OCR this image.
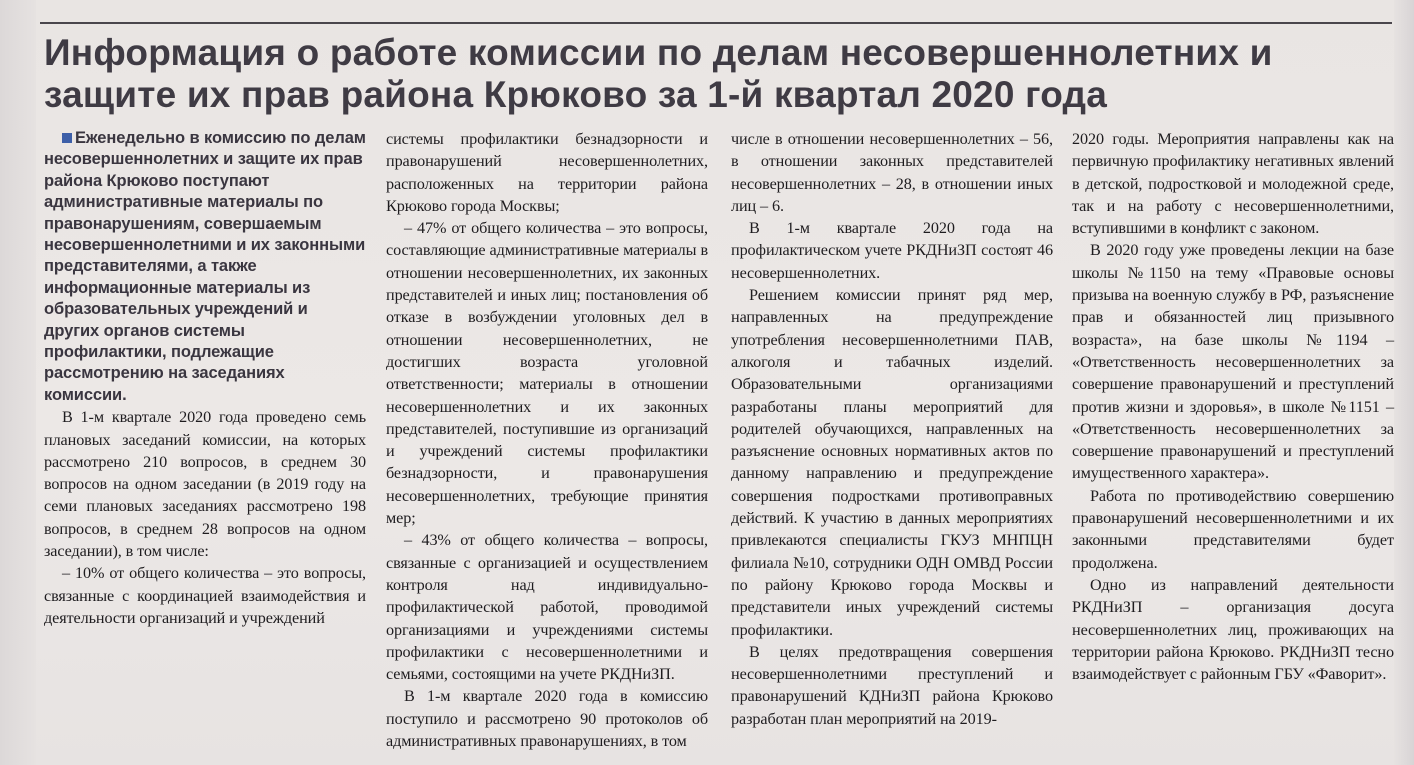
Информация о работе комиссии по делам несовершеннолетних и защите их прав района Крюково за 1-й квартал 2020 года

Еженедельно в комиссию по делам несовершеннолетних и защите их прав района Крюково поступают административные материалы по правонарушениям, совершаемым несовершеннолетними и их законными представителями, а также информационные материалы из образовательных учреждений и других органов системы профилактики, подлежащие рассмотрению на заседаниях комиссии.

В 1-м квартале 2020 года проведено семь плановых заседаний комиссии, на которых рассмотрено 210 вопросов, в среднем 30 вопросов на одном заседании (в 2019 году на семи плановых заседаниях рассмотрено 198 вопросов, в среднем 28 вопросов на одном заседании), в том числе:

– 10% от общего количества – это вопросы, связанные с координацией взаимодействия и деятельности организаций и учреждений

системы профилактики безнадзорности и правонарушений несовершеннолетних, расположенных на территории района Крюково города Москвы;

– 47% от общего количества – это вопросы, составляющие административные материалы в отношении несовершеннолетних, их законных представителей и иных лиц; постановления об отказе в возбуждении уголовных дел в отношении несовершеннолетних, не достигших возраста уголовной ответственности; материалы в отношении несовершеннолетних и их законных представителей, поступившие из организаций и учреждений системы профилактики безнадзорности, и правонарушения несовершеннолетних, требующие принятия мер;

– 43% от общего количества – вопросы, связанные с организацией и осуществлением контроля над индивидуально-профилактической работой, проводимой организациями и учреждениями системы профилактики с несовершеннолетними и семьями, состоящими на учете РКДНиЗП.

В 1-м квартале 2020 года в комиссию поступило и рассмотрено 90 протоколов об административных правонарушениях, в том

числе в отношении несовершеннолетних – 56, в отношении законных представителей несовершеннолетних – 28, в отношении иных лиц – 6.

В 1-м квартале 2020 года на профилактическом учете РКДНиЗП состоят 46 несовершеннолетних.

Решением комиссии принят ряд мер, направленных на предупреждение употребления несовершеннолетними ПАВ, алкоголя и табачных изделий. Образовательными организациями разработаны планы мероприятий для родителей обучающихся, направленных на разъяснение основных нормативных актов по данному направлению и предупреждение совершения подростками противоправных действий. К участию в данных мероприятиях привлекаются специалисты ГКУЗ МНПЦН филиала №10, сотрудники ОДН ОМВД России по району Крюково города Москвы и представители иных учреждений системы профилактики.

В целях предотвращения совершения несовершеннолетними преступлений и правонарушений КДНиЗП района Крюково разработан план мероприятий на 2019-

2020 годы. Мероприятия направлены как на первичную профилактику негативных явлений в детской, подростковой и молодежной среде, так и на работу с несовершеннолетними, вступившими в конфликт с законом.

В 2020 году уже проведены лекции на базе школы №1150 на тему «Правовые основы призыва на военную службу в РФ, разъяснение прав и обязанностей лиц призывного возраста», на базе школы №1194 – «Ответственность несовершеннолетних за совершение правонарушений и преступлений против жизни и здоровья», в школе №1151 – «Ответственность несовершеннолетних за совершение правонарушений и преступлений имущественного характера».

Работа по противодействию совершению правонарушений несовершеннолетними и их законными представителями будет продолжена.

Одно из направлений деятельности РКДНиЗП – организация досуга несовершеннолетних лиц, проживающих на территории района Крюково. РКДНиЗП тесно взаимодействует с районным ГБУ «Фаворит».
